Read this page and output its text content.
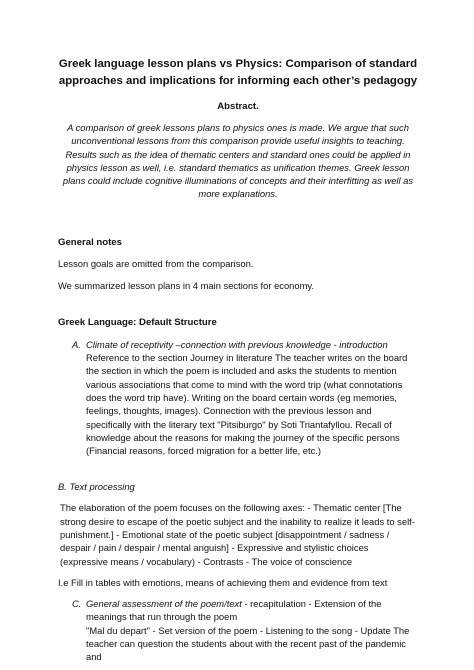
Greek language lesson plans vs Physics: Comparison of standard approaches and implications for informing each other’s pedagogy
Abstract.
A comparison of greek lessons plans to physics ones is made. We argue that such unconventional lessons from this comparison provide useful insights to teaching. Results such as the idea of thematic centers and standard ones could be applied in physics lesson as well, i.e. standard thematics as unification themes. Greek lesson plans could include cognitive illuminations of concepts and their interfitting as well as more explanations.
General notes
Lesson goals are omitted from the comparison.
We summarized lesson plans in 4 main sections for economy.
Greek Language: Default Structure
A. Climate of receptivity –connection with previous knowledge - introduction
Reference to the section Journey in literature The teacher writes on the board the section in which the poem is included and asks the students to mention various associations that come to mind with the word trip (what connotations does the word trip have). Writing on the board certain words (eg memories, feelings, thoughts, images). Connection with the previous lesson and specifically with the literary text "Pitsiburgo" by Soti Triantafyllou. Recall of knowledge about the reasons for making the journey of the specific persons (Financial reasons, forced migration for a better life, etc.)
B. Text processing
The elaboration of the poem focuses on the following axes: - Thematic center [The strong desire to escape of the poetic subject and the inability to realize it leads to self-punishment.] - Emotional state of the poetic subject [disappointment / sadness / despair / pain / despair / mental anguish] - Expressive and stylistic choices (expressive means / vocabulary) - Contrasts - The voice of conscience
I.e Fill in tables with emotions, means of achieving them and evidence from text
C. General assessment of the poem/text - recapitulation - Extension of the meanings that run through the poem
"Mal du depart" - Set version of the poem - Listening to the song - Update The teacher can question the students about with the recent past of the pandemic and
